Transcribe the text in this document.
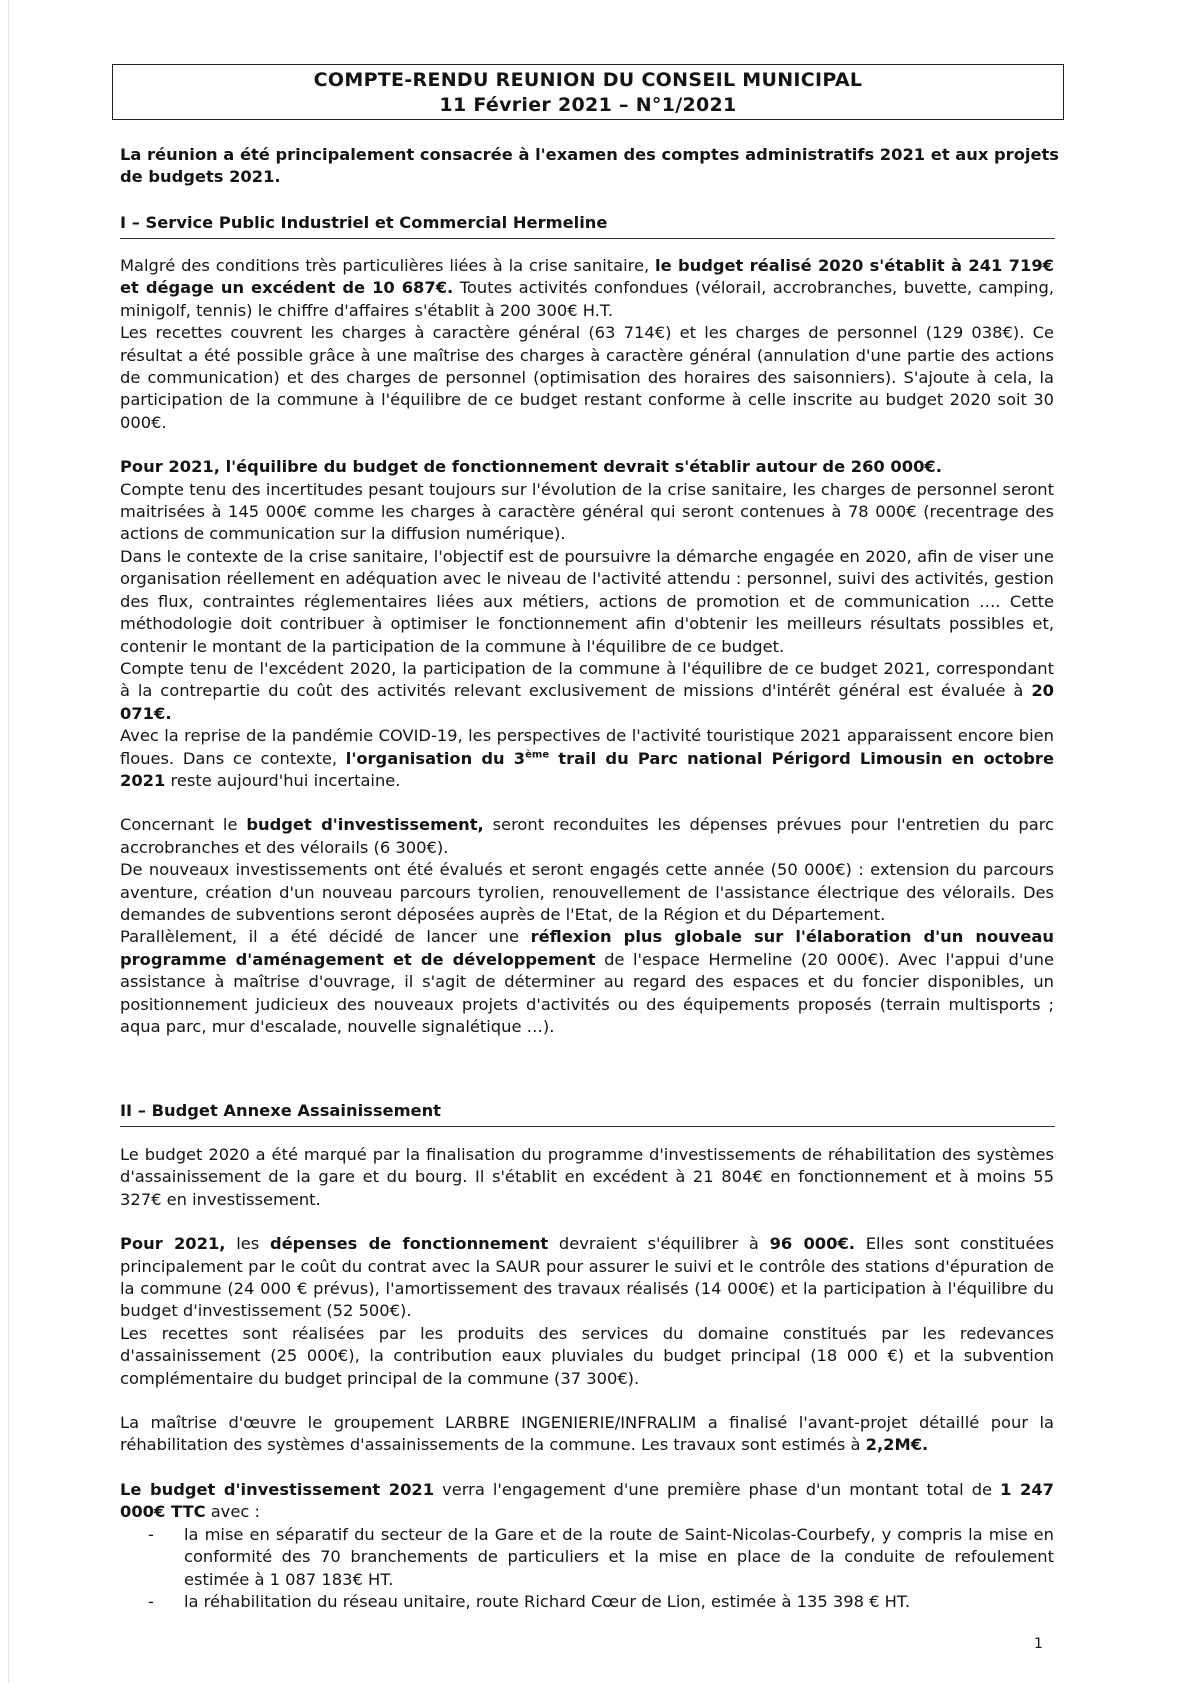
COMPTE-RENDU REUNION DU CONSEIL MUNICIPAL
11 Février 2021 – N°1/2021
La réunion a été principalement consacrée à l'examen des comptes administratifs 2021 et aux projets de budgets 2021.
I – Service Public Industriel et Commercial Hermeline

Malgré des conditions très particulières liées à la crise sanitaire, le budget réalisé 2020 s'établit à 241 719€ et dégage un excédent de 10 687€. Toutes activités confondues (vélorail, accrobranches, buvette, camping, minigolf, tennis) le chiffre d'affaires s'établit à 200 300€ H.T.

Les recettes couvrent les charges à caractère général (63 714€) et les charges de personnel (129 038€). Ce résultat a été possible grâce à une maîtrise des charges à caractère général (annulation d'une partie des actions de communication) et des charges de personnel (optimisation des horaires des saisonniers). S'ajoute à cela, la participation de la commune à l'équilibre de ce budget restant conforme à celle inscrite au budget 2020 soit 30 000€.

Pour 2021, l'équilibre du budget de fonctionnement devrait s'établir autour de 260 000€.

Compte tenu des incertitudes pesant toujours sur l'évolution de la crise sanitaire, les charges de personnel seront maitrisées à 145 000€ comme les charges à caractère général qui seront contenues à 78 000€ (recentrage des actions de communication sur la diffusion numérique).

Dans le contexte de la crise sanitaire, l'objectif est de poursuivre la démarche engagée en 2020, afin de viser une organisation réellement en adéquation avec le niveau de l'activité attendu : personnel, suivi des activités, gestion des flux, contraintes réglementaires liées aux métiers, actions de promotion et de communication …. Cette méthodologie doit contribuer à optimiser le fonctionnement afin d'obtenir les meilleurs résultats possibles et, contenir le montant de la participation de la commune à l'équilibre de ce budget.

Compte tenu de l'excédent 2020, la participation de la commune à l'équilibre de ce budget 2021, correspondant à la contrepartie du coût des activités relevant exclusivement de missions d'intérêt général est évaluée à 20 071€.

Avec la reprise de la pandémie COVID-19, les perspectives de l'activité touristique 2021 apparaissent encore bien floues. Dans ce contexte, l'organisation du 3ème trail du Parc national Périgord Limousin en octobre 2021 reste aujourd'hui incertaine.

Concernant le budget d'investissement, seront reconduites les dépenses prévues pour l'entretien du parc accrobranches et des vélorails (6 300€).

De nouveaux investissements ont été évalués et seront engagés cette année (50 000€) : extension du parcours aventure, création d'un nouveau parcours tyrolien, renouvellement de l'assistance électrique des vélorails. Des demandes de subventions seront déposées auprès de l'Etat, de la Région et du Département.

Parallèlement, il a été décidé de lancer une réflexion plus globale sur l'élaboration d'un nouveau programme d'aménagement et de développement de l'espace Hermeline (20 000€). Avec l'appui d'une assistance à maîtrise d'ouvrage, il s'agit de déterminer au regard des espaces et du foncier disponibles, un positionnement judicieux des nouveaux projets d'activités ou des équipements proposés (terrain multisports ; aqua parc, mur d'escalade, nouvelle signalétique …).

II – Budget Annexe Assainissement

Le budget 2020 a été marqué par la finalisation du programme d'investissements de réhabilitation des systèmes d'assainissement de la gare et du bourg. Il s'établit en excédent à 21 804€ en fonctionnement et à moins 55 327€ en investissement.

Pour 2021, les dépenses de fonctionnement devraient s'équilibrer à 96 000€. Elles sont constituées principalement par le coût du contrat avec la SAUR pour assurer le suivi et le contrôle des stations d'épuration de la commune (24 000 € prévus), l'amortissement des travaux réalisés (14 000€) et la participation à l'équilibre du budget d'investissement (52 500€).

Les recettes sont réalisées par les produits des services du domaine constitués par les redevances d'assainissement (25 000€), la contribution eaux pluviales du budget principal (18 000 €) et la subvention complémentaire du budget principal de la commune (37 300€).

La maîtrise d'œuvre le groupement LARBRE INGENIERIE/INFRALIM a finalisé l'avant-projet détaillé pour la réhabilitation des systèmes d'assainissements de la commune. Les travaux sont estimés à 2,2M€.

Le budget d'investissement 2021 verra l'engagement d'une première phase d'un montant total de 1 247 000€ TTC avec :

- la mise en séparatif du secteur de la Gare et de la route de Saint-Nicolas-Courbefy, y compris la mise en conformité des 70 branchements de particuliers et la mise en place de la conduite de refoulement estimée à 1 087 183€ HT.
- la réhabilitation du réseau unitaire, route Richard Cœur de Lion, estimée à 135 398 € HT.
1
